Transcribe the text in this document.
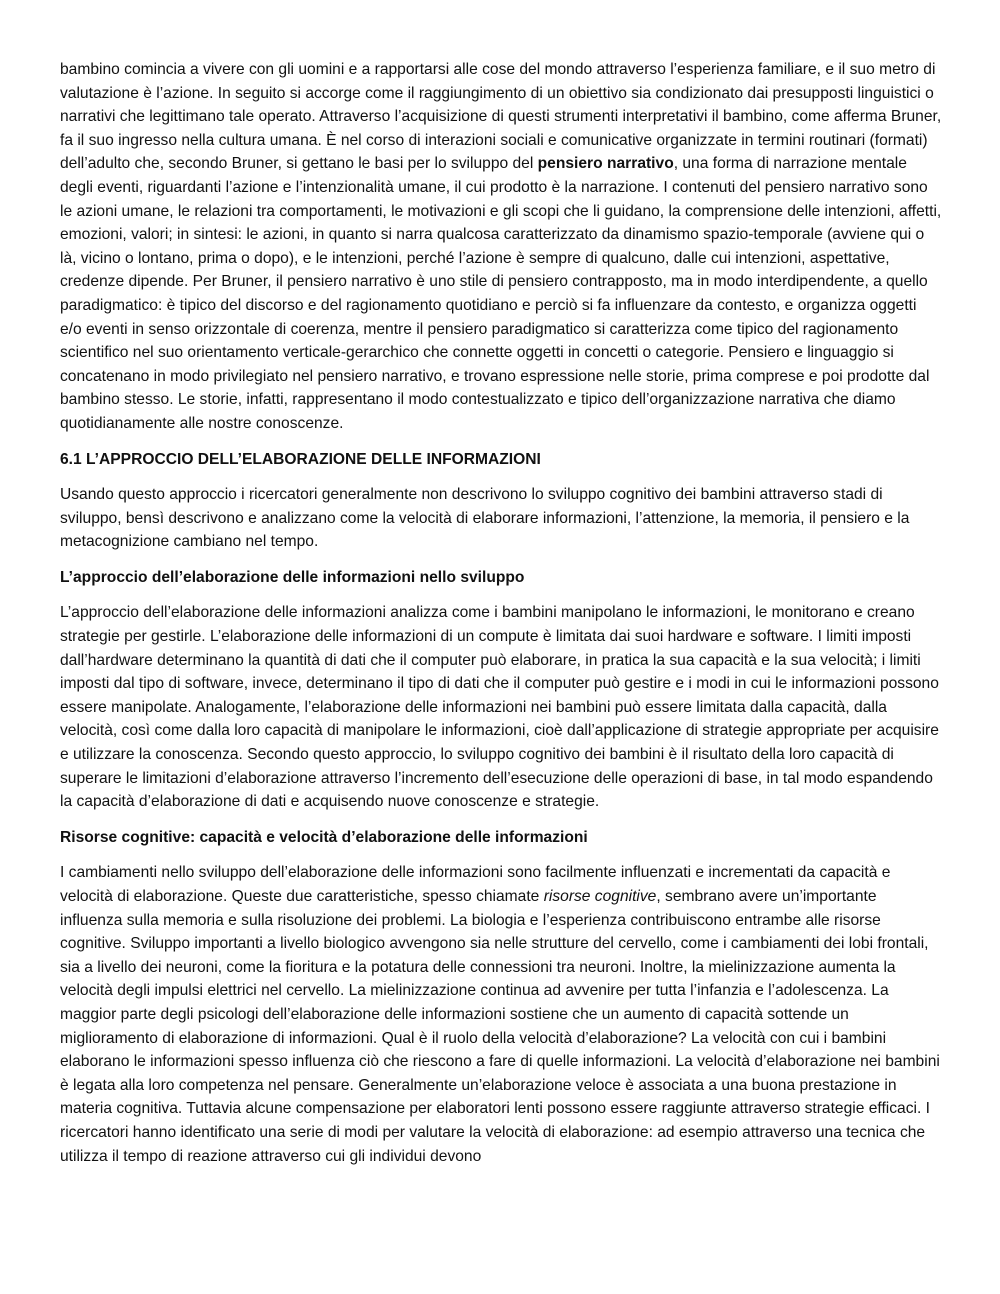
bambino comincia a vivere con gli uomini e a rapportarsi alle cose del mondo attraverso l’esperienza familiare, e il suo metro di valutazione è l’azione. In seguito si accorge come il raggiungimento di un obiettivo sia condizionato dai presupposti linguistici o narrativi che legittimano tale operato. Attraverso l’acquisizione di questi strumenti interpretativi il bambino, come afferma Bruner, fa il suo ingresso nella cultura umana. È nel corso di interazioni sociali e comunicative organizzate in termini routinari (formati) dell’adulto che, secondo Bruner, si gettano le basi per lo sviluppo del pensiero narrativo, una forma di narrazione mentale degli eventi, riguardanti l’azione e l’intenzionalità umane, il cui prodotto è la narrazione. I contenuti del pensiero narrativo sono le azioni umane, le relazioni tra comportamenti, le motivazioni e gli scopi che li guidano, la comprensione delle intenzioni, affetti, emozioni, valori; in sintesi: le azioni, in quanto si narra qualcosa caratterizzato da dinamismo spazio-temporale (avviene qui o là, vicino o lontano, prima o dopo), e le intenzioni, perché l’azione è sempre di qualcuno, dalle cui intenzioni, aspettative, credenze dipende. Per Bruner, il pensiero narrativo è uno stile di pensiero contrapposto, ma in modo interdipendente, a quello paradigmatico: è tipico del discorso e del ragionamento quotidiano e perciò si fa influenzare da contesto, e organizza oggetti e/o eventi in senso orizzontale di coerenza, mentre il pensiero paradigmatico si caratterizza come tipico del ragionamento scientifico nel suo orientamento verticale-gerarchico che connette oggetti in concetti o categorie. Pensiero e linguaggio si concatenano in modo privilegiato nel pensiero narrativo, e trovano espressione nelle storie, prima comprese e poi prodotte dal bambino stesso. Le storie, infatti, rappresentano il modo contestualizzato e tipico dell’organizzazione narrativa che diamo quotidianamente alle nostre conoscenze.

6.1 L’APPROCCIO DELL’ELABORAZIONE DELLE INFORMAZIONI

Usando questo approccio i ricercatori generalmente non descrivono lo sviluppo cognitivo dei bambini attraverso stadi di sviluppo, bensì descrivono e analizzano come la velocità di elaborare informazioni, l’attenzione, la memoria, il pensiero e la metacognizione cambiano nel tempo.

L’approccio dell’elaborazione delle informazioni nello sviluppo

L’approccio dell’elaborazione delle informazioni analizza come i bambini manipolano le informazioni, le monitorano e creano strategie per gestirle. L’elaborazione delle informazioni di un compute è limitata dai suoi hardware e software. I limiti imposti dall’hardware determinano la quantità di dati che il computer può elaborare, in pratica la sua capacità e la sua velocità; i limiti imposti dal tipo di software, invece, determinano il tipo di dati che il computer può gestire e i modi in cui le informazioni possono essere manipolate. Analogamente, l’elaborazione delle informazioni nei bambini può essere limitata dalla capacità, dalla velocità, così come dalla loro capacità di manipolare le informazioni, cioè dall’applicazione di strategie appropriate per acquisire e utilizzare la conoscenza. Secondo questo approccio, lo sviluppo cognitivo dei bambini è il risultato della loro capacità di superare le limitazioni d’elaborazione attraverso l’incremento dell’esecuzione delle operazioni di base, in tal modo espandendo la capacità d’elaborazione di dati e acquisendo nuove conoscenze e strategie.

Risorse cognitive: capacità e velocità d’elaborazione delle informazioni

I cambiamenti nello sviluppo dell’elaborazione delle informazioni sono facilmente influenzati e incrementati da capacità e velocità di elaborazione. Queste due caratteristiche, spesso chiamate risorse cognitive, sembrano avere un’importante influenza sulla memoria e sulla risoluzione dei problemi. La biologia e l’esperienza contribuiscono entrambe alle risorse cognitive. Sviluppo importanti a livello biologico avvengono sia nelle strutture del cervello, come i cambiamenti dei lobi frontali, sia a livello dei neuroni, come la fioritura e la potatura delle connessioni tra neuroni. Inoltre, la mielinizzazione aumenta la velocità degli impulsi elettrici nel cervello. La mielinizzazione continua ad avvenire per tutta l’infanzia e l’adolescenza. La maggior parte degli psicologi dell’elaborazione delle informazioni sostiene che un aumento di capacità sottende un miglioramento di elaborazione di informazioni. Qual è il ruolo della velocità d’elaborazione? La velocità con cui i bambini elaborano le informazioni spesso influenza ciò che riescono a fare di quelle informazioni. La velocità d’elaborazione nei bambini è legata alla loro competenza nel pensare. Generalmente un’elaborazione veloce è associata a una buona prestazione in materia cognitiva. Tuttavia alcune compensazione per elaboratori lenti possono essere raggiunte attraverso strategie efficaci. I ricercatori hanno identificato una serie di modi per valutare la velocità di elaborazione: ad esempio attraverso una tecnica che utilizza il tempo di reazione attraverso cui gli individui devono
